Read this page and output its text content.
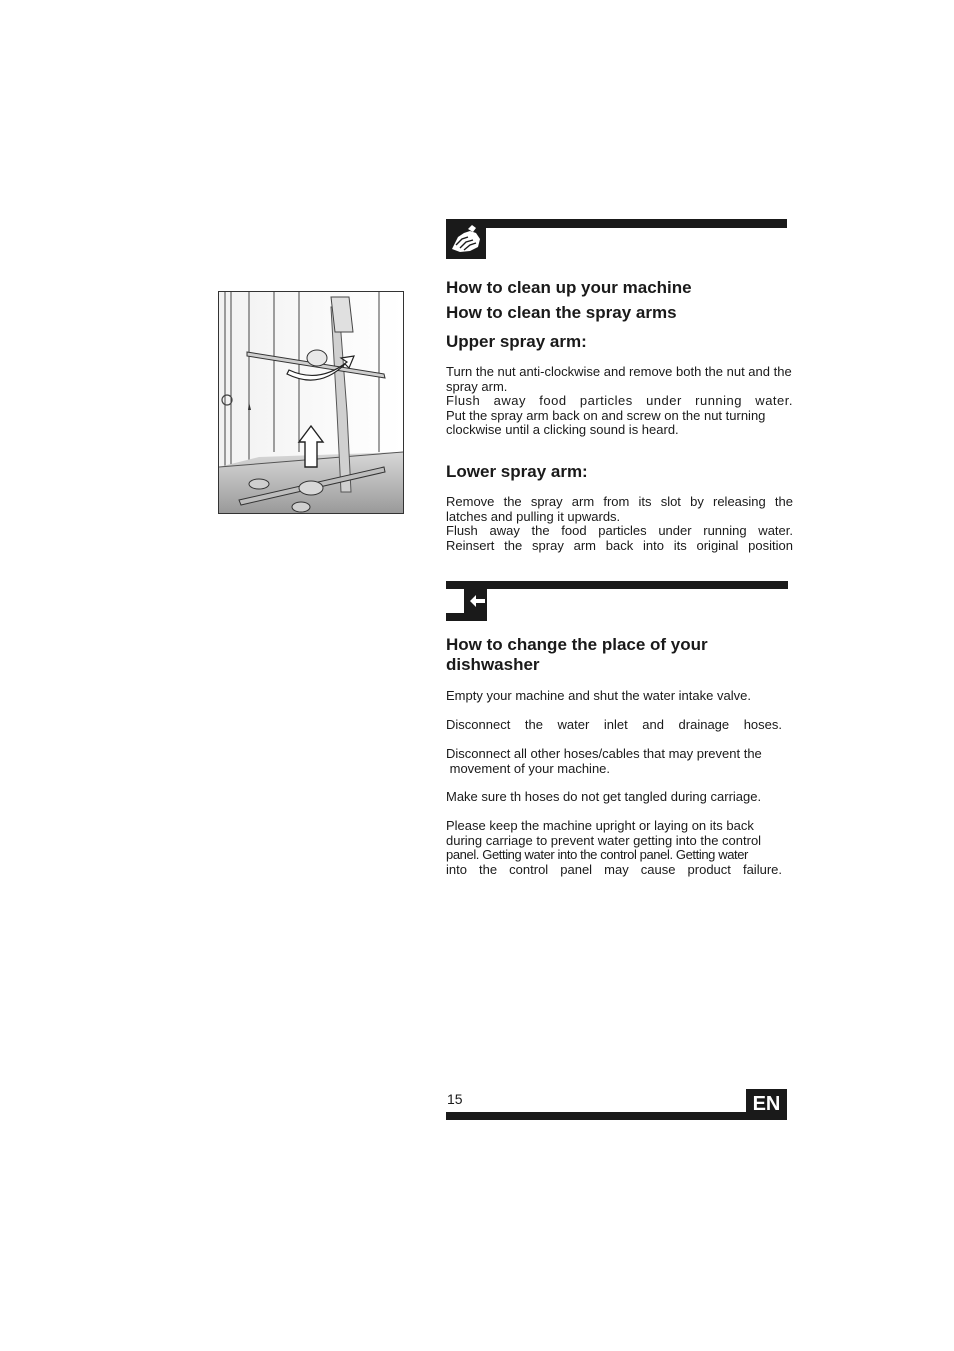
How to clean up your machine
How to clean the spray arms
Upper spray arm:

Turn the nut anti-clockwise and remove both the nut and the

spray arm.

Flush away food particles under running water.

Put the spray arm back on and screw on the nut turning

clockwise until a clicking sound is heard.

Lower spray arm:

Remove the spray arm from its slot by releasing the

latches and pulling it upwards.

Flush away the food particles under running water.

Reinsert the spray arm back into its original position

How to change the place of your dishwasher

Empty your machine and shut the water intake valve.

Disconnect the water inlet and drainage hoses.

Disconnect all other hoses/cables that may prevent the

movement of your machine.

Make sure th hoses do not get tangled during carriage.

Please keep the machine upright or laying on its back

during carriage to prevent water getting into the control

panel. Getting water into the control panel. Getting water

into the control panel may cause product failure.

15	EN
